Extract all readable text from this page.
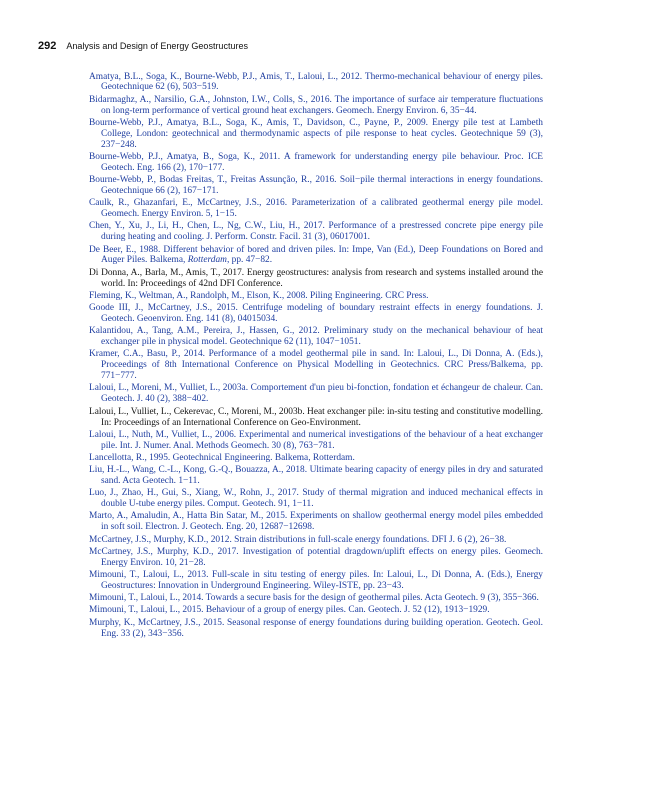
292 Analysis and Design of Energy Geostructures
Amatya, B.L., Soga, K., Bourne-Webb, P.J., Amis, T., Laloui, L., 2012. Thermo-mechanical behaviour of energy piles. Geotechnique 62 (6), 503−519.
Bidarmaghz, A., Narsilio, G.A., Johnston, I.W., Colls, S., 2016. The importance of surface air temperature fluctuations on long-term performance of vertical ground heat exchangers. Geomech. Energy Environ. 6, 35−44.
Bourne-Webb, P.J., Amatya, B.L., Soga, K., Amis, T., Davidson, C., Payne, P., 2009. Energy pile test at Lambeth College, London: geotechnical and thermodynamic aspects of pile response to heat cycles. Geotechnique 59 (3), 237−248.
Bourne-Webb, P.J., Amatya, B., Soga, K., 2011. A framework for understanding energy pile behaviour. Proc. ICE Geotech. Eng. 166 (2), 170−177.
Bourne-Webb, P., Bodas Freitas, T., Freitas Assunção, R., 2016. Soil−pile thermal interactions in energy foundations. Geotechnique 66 (2), 167−171.
Caulk, R., Ghazanfari, E., McCartney, J.S., 2016. Parameterization of a calibrated geothermal energy pile model. Geomech. Energy Environ. 5, 1−15.
Chen, Y., Xu, J., Li, H., Chen, L., Ng, C.W., Liu, H., 2017. Performance of a prestressed concrete pipe energy pile during heating and cooling. J. Perform. Constr. Facil. 31 (3), 06017001.
De Beer, E., 1988. Different behavior of bored and driven piles. In: Impe, Van (Ed.), Deep Foundations on Bored and Auger Piles. Balkema, Rotterdam, pp. 47−82.
Di Donna, A., Barla, M., Amis, T., 2017. Energy geostructures: analysis from research and systems installed around the world. In: Proceedings of 42nd DFI Conference.
Fleming, K., Weltman, A., Randolph, M., Elson, K., 2008. Piling Engineering. CRC Press.
Goode III, J., McCartney, J.S., 2015. Centrifuge modeling of boundary restraint effects in energy foundations. J. Geotech. Geoenviron. Eng. 141 (8), 04015034.
Kalantidou, A., Tang, A.M., Pereira, J., Hassen, G., 2012. Preliminary study on the mechanical behaviour of heat exchanger pile in physical model. Geotechnique 62 (11), 1047−1051.
Kramer, C.A., Basu, P., 2014. Performance of a model geothermal pile in sand. In: Laloui, L., Di Donna, A. (Eds.), Proceedings of 8th International Conference on Physical Modelling in Geotechnics. CRC Press/Balkema, pp. 771−777.
Laloui, L., Moreni, M., Vulliet, L., 2003a. Comportement d'un pieu bi-fonction, fondation et échangeur de chaleur. Can. Geotech. J. 40 (2), 388−402.
Laloui, L., Vulliet, L., Cekerevac, C., Moreni, M., 2003b. Heat exchanger pile: in-situ testing and constitutive modelling. In: Proceedings of an International Conference on Geo-Environment.
Laloui, L., Nuth, M., Vulliet, L., 2006. Experimental and numerical investigations of the behaviour of a heat exchanger pile. Int. J. Numer. Anal. Methods Geomech. 30 (8), 763−781.
Lancellotta, R., 1995. Geotechnical Engineering. Balkema, Rotterdam.
Liu, H.-L., Wang, C.-L., Kong, G.-Q., Bouazza, A., 2018. Ultimate bearing capacity of energy piles in dry and saturated sand. Acta Geotech. 1−11.
Luo, J., Zhao, H., Gui, S., Xiang, W., Rohn, J., 2017. Study of thermal migration and induced mechanical effects in double U-tube energy piles. Comput. Geotech. 91, 1−11.
Marto, A., Amaludin, A., Hatta Bin Satar, M., 2015. Experiments on shallow geothermal energy model piles embedded in soft soil. Electron. J. Geotech. Eng. 20, 12687−12698.
McCartney, J.S., Murphy, K.D., 2012. Strain distributions in full-scale energy foundations. DFI J. 6 (2), 26−38.
McCartney, J.S., Murphy, K.D., 2017. Investigation of potential dragdown/uplift effects on energy piles. Geomech. Energy Environ. 10, 21−28.
Mimouni, T., Laloui, L., 2013. Full-scale in situ testing of energy piles. In: Laloui, L., Di Donna, A. (Eds.), Energy Geostructures: Innovation in Underground Engineering. Wiley-ISTE, pp. 23−43.
Mimouni, T., Laloui, L., 2014. Towards a secure basis for the design of geothermal piles. Acta Geotech. 9 (3), 355−366.
Mimouni, T., Laloui, L., 2015. Behaviour of a group of energy piles. Can. Geotech. J. 52 (12), 1913−1929.
Murphy, K., McCartney, J.S., 2015. Seasonal response of energy foundations during building operation. Geotech. Geol. Eng. 33 (2), 343−356.
